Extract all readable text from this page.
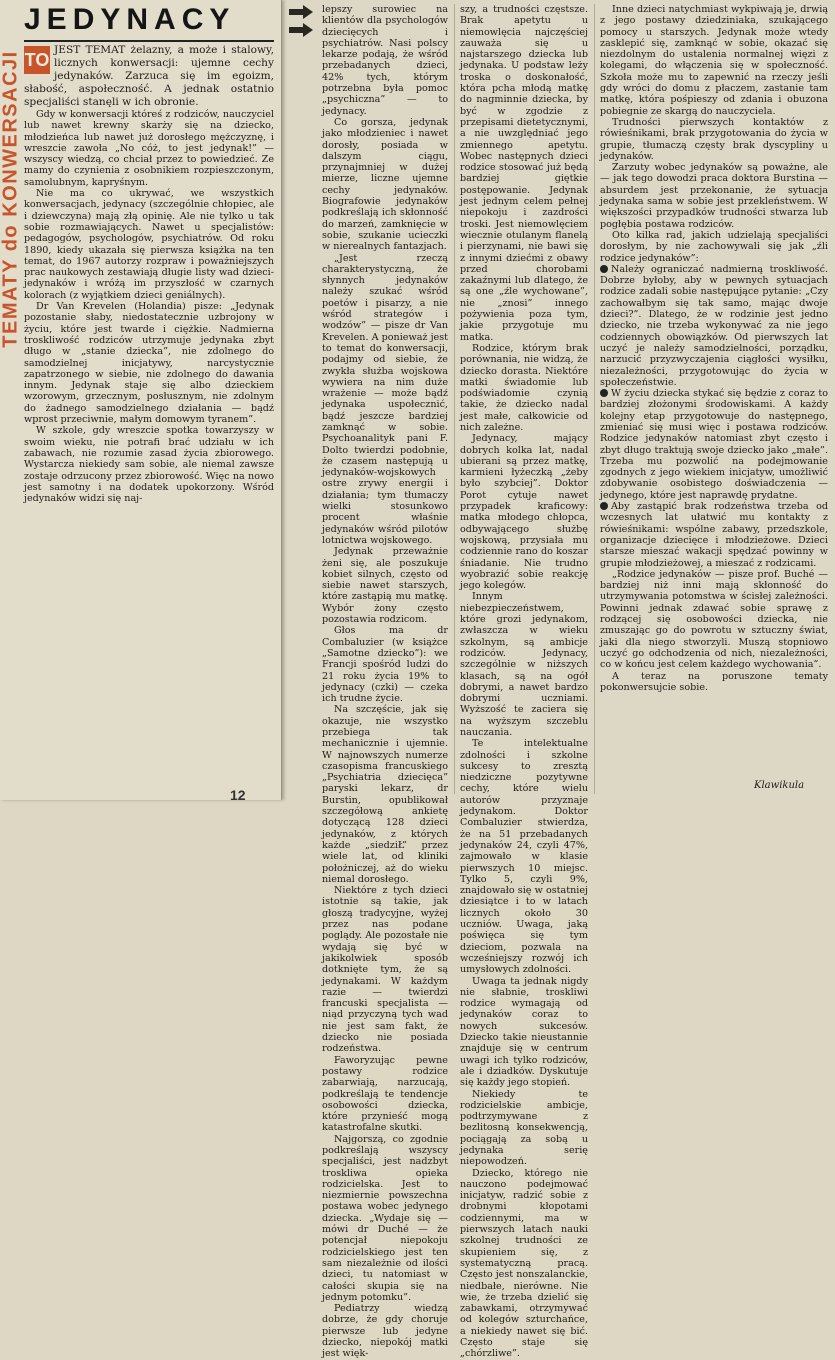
TEMATY do KONWERSACJI
JEDYNACY

TO JEST TEMAT żelazny, a może i stalowy, licznych konwersacji: ujemne cechy jedynaków. Zarzuca się im egoizm, słabość, aspołeczność. A jednak ostatnio specjaliści stanęli w ich obronie.

Gdy w konwersacji któreś z rodziców, nauczyciel lub nawet krewny skarży się na dziecko, młodzieńca lub nawet już dorosłego mężczyznę, i wreszcie zawoła „No cóż, to jest jedynak!” — wszyscy wiedzą, co chciał przez to powiedzieć. Ze mamy do czynienia z osobnikiem rozpieszczonym, samolubnym, kapryśnym.

Nie ma co ukrywać, we wszystkich konwersacjach, jedynacy (szczególnie chłopiec, ale i dziewczyna) mają złą opinię. Ale nie tylko u tak sobie rozmawiających. Nawet u specjalistów: pedagogów, psychologów, psychiatrów. Od roku 1890, kiedy ukazała się pierwsza książka na ten temat, do 1967 autorzy rozpraw i poważniejszych prac naukowych zestawiają długie listy wad dzieci-jedynaków i wróżą im przyszłość w czarnych kolorach (z wyjątkiem dzieci geniálnych).

Dr Van Krevelen (Holandia) pisze: „Jedynak pozostanie słaby, niedostatecznie uzbrojony w życiu, które jest twarde i ciężkie. Nadmierna troskliwość rodziców utrzymuje jedynaka zbyt długo w „stanie dziecka”, nie zdolnego do samodzielnej inicjatywy, narcystycznie zapatrzonego w siebie, nie zdolnego do dawania innym. Jedynak staje się albo dzieckiem wzorowym, grzecznym, posłusznym, nie zdolnym do żadnego samodzielnego działania — bądź wprost przeciwnie, małym domowym tyranem”.

W szkole, gdy wreszcie spotka towarzyszy w swoim wieku, nie potrafi brać udziału w ich zabawach, nie rozumie zasad życia zbiorowego. Wystarcza niekiedy sam sobie, ale niemal zawsze zostaje odrzucony przez zbiorowość. Więc na nowo jest samotny i na dodatek upokorzony. Wśród jedynaków widzi się naj-

12

lepszy surowiec na klientów dla psychologów dziecięcych i psychiatrów. Nasi polscy lekarze podają, że wśród przebadanych dzieci, 42% tych, którym potrzebna była pomoc „psychiczna” — to jedynacy.

Co gorsza, jedynak jako młodzieniec i nawet dorosły, posiada w dalszym ciągu, przynajmniej w dużej mierze, liczne ujemne cechy jedynaków. Biografowie jedynaków podkreślają ich skłonność do marzeń, zamknięcie w sobie, szukanie ucieczki w nierealnych fantazjach.

„Jest rzeczą charakterystyczną, że słynnych jedynaków należy szukać wśród poetów i pisarzy, a nie wśród strategów i wodzów” — pisze dr Van Krevelen. A ponieważ jest to temat do konwersacji, podajmy od siebie, że zwykła służba wojskowa wywiera na nim duże wrażenie — może bądź jedynaka uspołecznić, bądź jeszcze bardziej zamknąć w sobie. Psychoanalityk pani F. Dolto twierdzi podobnie, że czasem następują u jedynaków-wojskowych ostre zrywy energii i działania; tym tłumaczy wielki stosunkowo procent właśnie jedynaków wśród pilotów lotnictwa wojskowego.

Jedynak przeważnie żeni się, ale poszukuje kobiet silnych, często od siebie nawet starszych, które zastąpią mu matkę. Wybór żony często pozostawia rodzicom.

Głos ma dr Combaluzier (w książce „Samotne dziecko”): we Francji spośród ludzi do 21 roku życia 19% to jedynacy (czki) — czeka ich trudne życie.

Na szczęście, jak się okazuje, nie wszystko przebiega tak mechanicznie i ujemnie. W najnowszych numerze czasopisma francuskiego „Psychiatria dziecięca” paryski lekarz, dr Burstin, opublikował szczegółową ankietę dotyczącą 128 dzieci jedynaków, z których każde „siedziŁ” przez wiele lat, od kliniki położniczej, aż do wieku niemal dorosłego.

Niektóre z tych dzieci istotnie są takie, jak głoszą tradycyjne, wyżej przez nas podane poglądy. Ale pozostałe nie wydają się być w jakikolwiek sposób dotknięte tym, że są jedynakami. W każdym razie — twierdzi francuski specjalista — niąd przyczyną tych wad nie jest sam fakt, że dziecko nie posiada rodzeństwa.

Faworyzując pewne postawy rodzice zabarwiają, narzucają, podkreślają te tendencje osobowości dziecka, które przynieść mogą katastrofalne skutki.

Najgorszą, co zgodnie podkreślają wszyscy specjaliści, jest nadzbyt troskliwa opieka rodzicielska. Jest to niezmiernie powszechna postawa wobec jedynego dziecka. „Wydaje się — mówi dr Duché — że potencjał niepokoju rodzicielskiego jest ten sam niezależnie od ilości dzieci, tu natomiast w całości skupia się na jednym potomku”.

Pediatrzy wiedzą dobrze, że gdy choruje pierwsze lub jedyne dziecko, niepokój matki jest więk-

szy, a trudności częstsze. Brak apetytu u niemowlęcia najczęściej zauważa się u najstarszego dziecka lub jedynaka. U podstaw leży troska o doskonałość, która pcha młodą matkę do nagminnie dziecka, by być w zgodzie z przepisami dietetycznymi, a nie uwzględniać jego zmiennego apetytu. Wobec następnych dzieci rodzice stosować już będą bardziej giętkie postępowanie. Jedynak jest jednym celem pełnej niepokoju i zazdrości troski. Jest niemowlęciem wiecznie otulanym flanelą i pierzynami, nie bawi się z innymi dziećmi z obawy przed chorobami zakaźnymi lub dlatego, że są one „źle wychowane”, nie „znosi” innego pożywienia poza tym, jakie przygotuje mu matka.

Rodzice, którym brak porównania, nie widzą, że dziecko dorasta. Niektóre matki świadomie lub podświadomie czynią takie, że dziecko nadal jest małe, całkowicie od nich zależne.

Jedynacy, mający dobrych kolka lat, nadal ubierani są przez matkę, karmieni łyżeczką „żeby było szybciej”. Doktor Porot cytuje nawet przypadek kraficowy: matka młodego chłopca, odbywającego służbę wojskową, przysiała mu codziennie rano do koszar śniadanie. Nie trudno wyobrazić sobie reakcję jego kolegów.

Innym niebezpieczeństwem, które grozi jedynakom, zwłaszcza w wieku szkolnym, są ambicje rodziców. Jedynacy, szczególnie w niższych klasach, są na ogół dobrymi, a nawet bardzo dobrymi uczniami. Wyższość te zaciera się na wyższym szczeblu nauczania.

Te intelektualne zdolności i szkolne sukcesy to zresztą niedziczne pozytywne cechy, które wielu autorów przyznaje jedynakom. Doktor Combaluzier stwierdza, że na 51 przebadanych jedynaków 24, czyli 47%, zajmowało w klasie pierwszych 10 miejsc. Tylko 5, czyli 9%, znajdowało się w ostatniej dziesiątce i to w latach licznych około 30 uczniów. Uwaga, jaką poświęca się tym dzieciom, pozwala na wcześniejszy rozwój ich umysłowych zdolności.

Uwaga ta jednak nigdy nie słabnie, troskliwi rodzice wymagają od jedynaków coraz to nowych sukcesów. Dziecko takie nieustannie znajduje się w centrum uwagi ich tylko rodziców, ale i dziadków. Dyskutuje się każdy jego stopień.

Niekiedy te rodzicielskie ambicje, podtrzymywane z bezlitosną konsekwencją, pociągają za sobą u jedynaka serię niepowodzeń.

Dziecko, którego nie nauczono podejmować inicjatyw, radzić sobie z drobnymi kłopotami codziennymi, ma w pierwszych latach nauki szkolnej trudności ze skupieniem się, z systematyczną pracą. Często jest nonszalanckie, niedbałe, nierówne. Nie wie, że trzeba dzielić się zabawkami, otrzymywać od kolegów szturchańce, a niekiedy nawet się bić. Często staje się „chórzliwe”.

Inne dzieci natychmiast wykpiwają je, drwią z jego postawy dziedziniaka, szukającego pomocy u starszych. Jedynak może wtedy zasklepić się, zamknąć w sobie, okazać się niezdolnym do ustalenia normalnej więzi z kolegami, do włączenia się w społeczność. Szkoła może mu to zapewnić na rzeczy jeśli gdy wróci do domu z płaczem, zastanie tam matkę, która pośpieszy od zdania i obuzona pobiegnie ze skargą do nauczyciela.

Trudności pierwszych kontaktów z rówieśnikami, brak przygotowania do życia w grupie, tłumaczą częsty brak dyscypliny u jedynaków.

Zarzuty wobec jedynaków są poważne, ale — jak tego dowodzi praca doktora Burstina — absurdem jest przekonanie, że sytuacja jedynaka sama w sobie jest przekleństwem. W większości przypadków trudności stwarza lub pogłębia postawa rodziców.

Oto kilka rad, jakich udzielają specjaliści dorosłym, by nie zachowywali się jak „źli rodzice jedynaków”:

Należy ograniczać nadmierną troskliwość. Dobrze byłoby, aby w pewnych sytuacjach rodzice zadali sobie następujące pytanie: „Czy zachowałbym się tak samo, mając dwoje dzieci?”. Dlatego, że w rodzinie jest jedno dziecko, nie trzeba wykonywać za nie jego codziennych obowiązków. Od pierwszych lat uczyć je należy samodzielności, porządku, narzucić przyzwyczajenia ciągłości wysiłku, niezależności, przygotowując do życia w społeczeństwie.

W życiu dziecka stykać się będzie z coraz to bardziej złożonymi środowiskami. A każdy kolejny etap przygotowuje do następnego, zmieniać się musi więc i postawa rodziców. Rodzice jedynaków natomiast zbyt często i zbyt długo traktują swoje dziecko jako „małe”. Trzeba mu pozwolić na podejmowanie zgodnych z jego wiekiem inicjatyw, umożliwić zdobywanie osobistego doświadczenia — jedynego, które jest naprawdę prydatne.

Aby zastąpić brak rodzeństwa trzeba od wczesnych lat ułatwić mu kontakty z rówieśnikami: wspólne zabawy, przedszkole, organizacje dziecięce i młodzieżowe. Dzieci starsze mieszać wakacji spędzać powinny w grupie młodzieżowej, a mieszać z rodzicami.

„Rodzice jedynaków — pisze prof. Buché — bardziej niż inni mają skłonność do utrzymywania potomstwa w ścisłej zależności. Powinni jednak zdawać sobie sprawę z rodzącej się osobowości dziecka, nie zmuszając go do powrotu w sztuczny świat, jaki dla niego stworzyli. Muszą stopniowo uczyć go odchodzenia od nich, niezależności, co w końcu jest celem każdego wychowania”.

A teraz na poruszone tematy pokonwersujcie sobie.

Klawikula
